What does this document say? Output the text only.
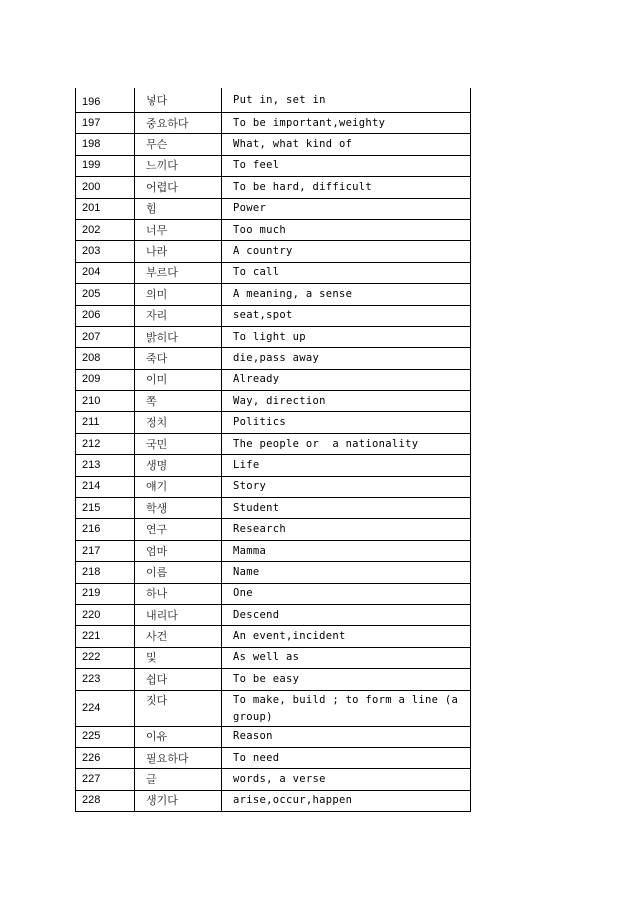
196	넣다	Put in, set in
197	중요하다	To be important,weighty
198	무슨	What, what kind of
199	느끼다	To feel
200	어렵다	To be hard, difficult
201	힘	Power
202	너무	Too much
203	나라	A country
204	부르다	To call
205	의미	A meaning, a sense
206	자리	seat,spot
207	밝히다	To light up
208	죽다	die,pass away
209	이미	Already
210	쪽	Way, direction
211	정치	Politics
212	국민	The people or  a nationality
213	생명	Life
214	얘기	Story
215	학생	Student
216	연구	Research
217	엄마	Mamma
218	이름	Name
219	하나	One
220	내리다	Descend
221	사건	An event,incident
222	및	As well as
223	쉽다	To be easy
224	짓다	To make, build ; to form a line (a group)
225	이유	Reason
226	필요하다	To need
227	글	words, a verse
228	생기다	arise,occur,happen
